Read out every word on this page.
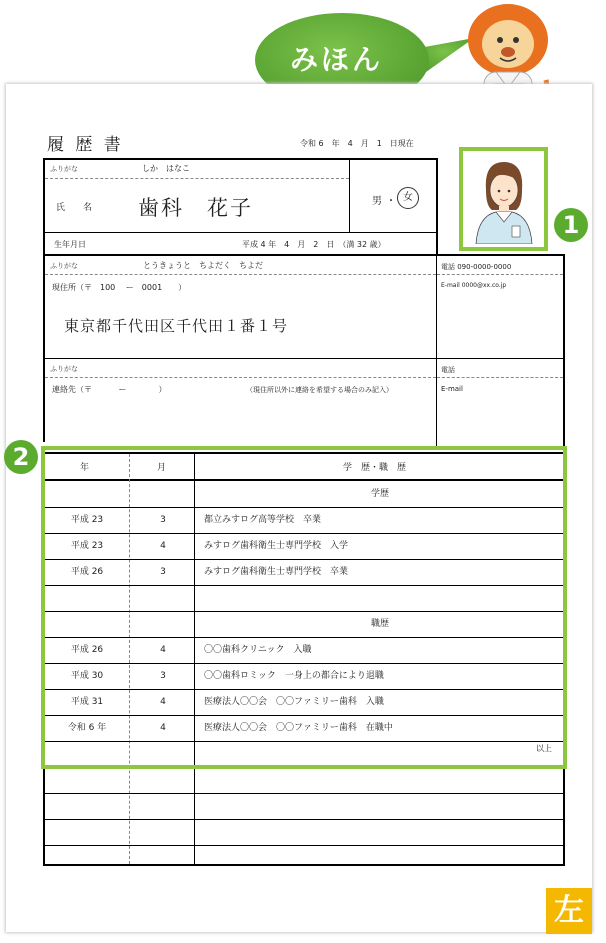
みほん
履 歴 書	令和 6　年　4　月　1　日現在
ふりがな	しか　はなこ
氏　　名 歯科　花子	男 ・ 女
生年月日	平成 4 年　4　月　2　日　（満 32 歳）
ふりがな	とうきょうと　ちよだく　ちよだ	電話 090-0000-0000
現住所（〒　100　 ー　0001　　）	E-mail 0000@xx.co.jp
東京都千代田区千代田１番１号
ふりがな	電話
連絡先（〒　　　 ー　　　　）	（現住所以外に連絡を希望する場合のみ記入）	E-mail
1
年	月	学　歴・職　歴
学歴
平成 23	3	都立みすログ高等学校　卒業
平成 23	4	みすログ歯科衛生士専門学校　入学
平成 26	3	みすログ歯科衛生士専門学校　卒業
職歴
平成 26	4	〇〇歯科クリニック　入職
平成 30	3	〇〇歯科ロミック　一身上の都合により退職
平成 31	4	医療法人〇〇会　〇〇ファミリー歯科　入職
令和 6 年	4	医療法人〇〇会　〇〇ファミリー歯科　在職中
以上
2
左
